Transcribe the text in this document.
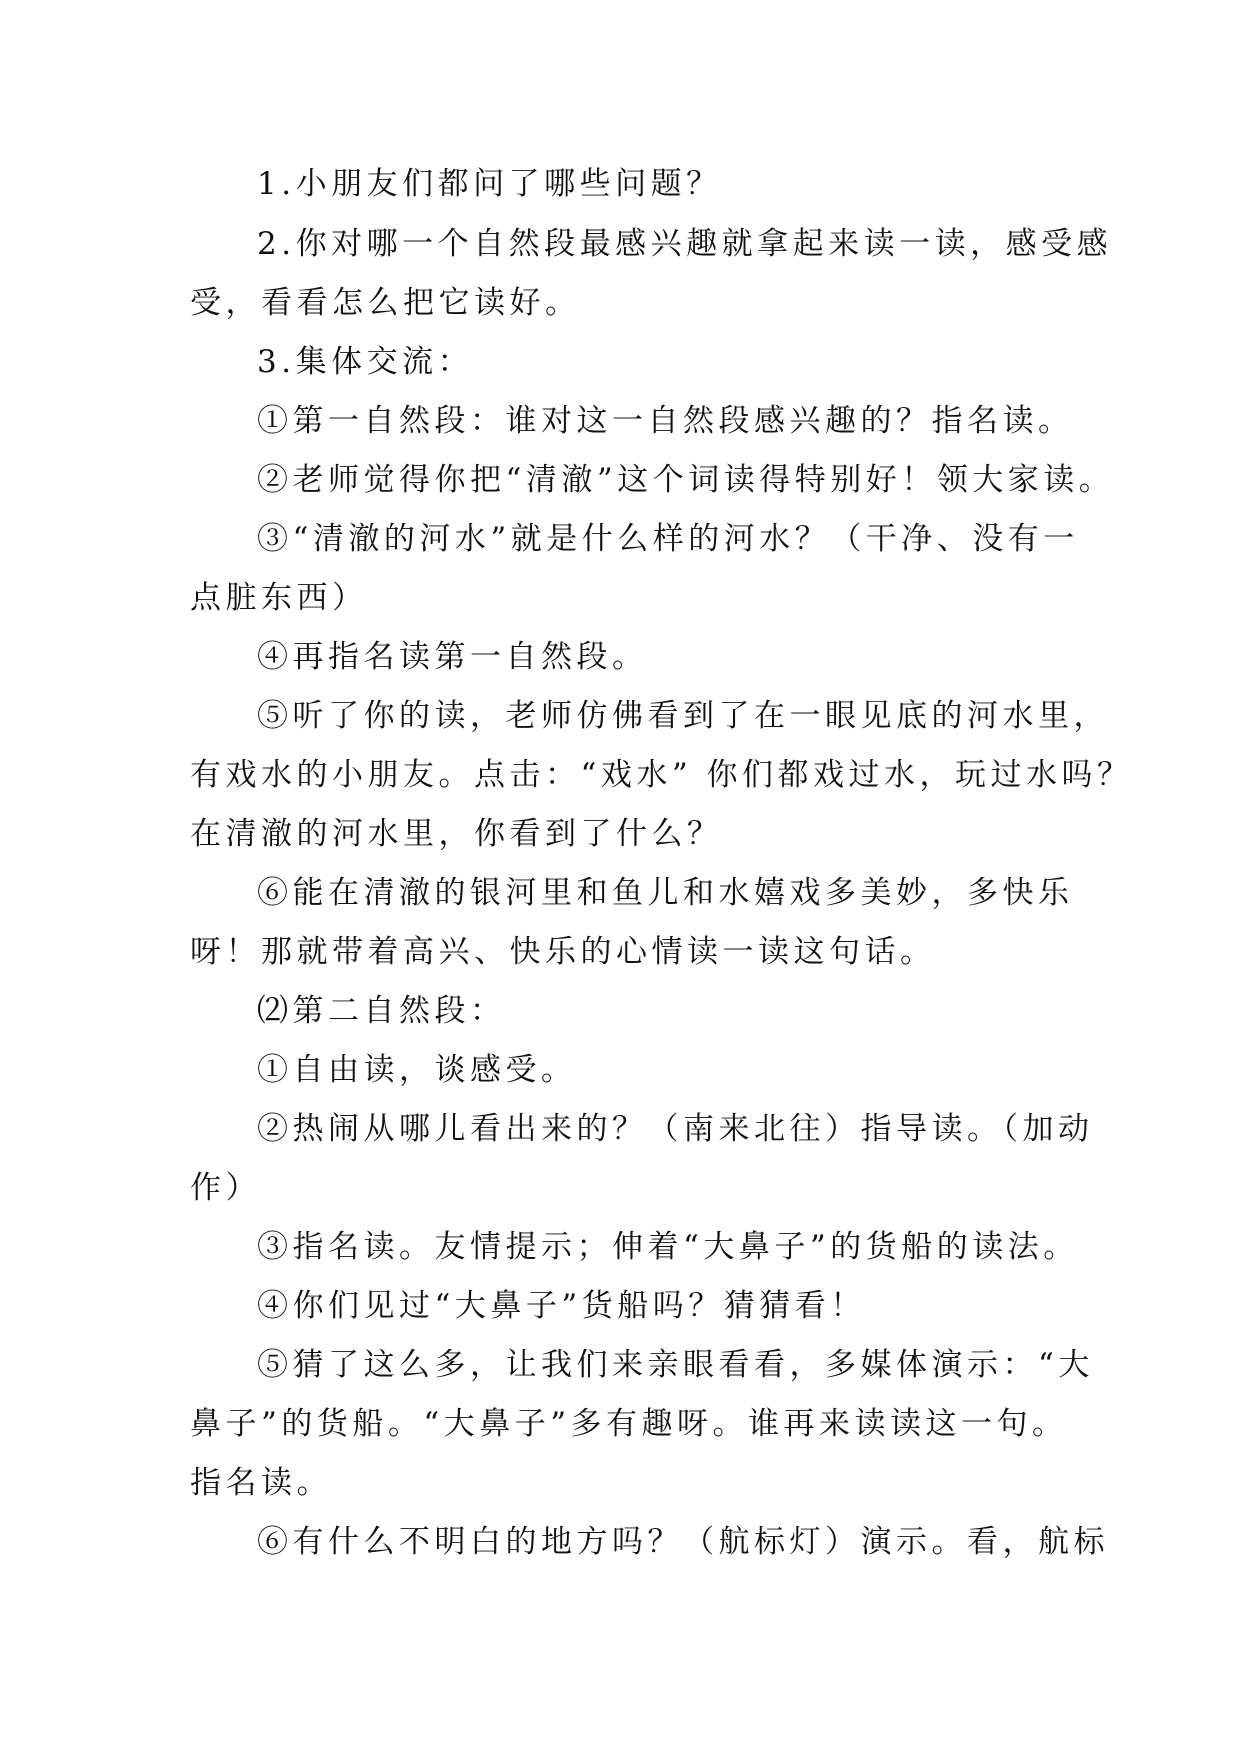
1.小朋友们都问了哪些问题？
2.你对哪一个自然段最感兴趣就拿起来读一读，感受感
受，看看怎么把它读好。
3.集体交流：
①第一自然段：谁对这一自然段感兴趣的？指名读。
②老师觉得你把“清澈”这个词读得特别好！领大家读。
③“清澈的河水”就是什么样的河水？（干净、没有一
点脏东西）
④再指名读第一自然段。
⑤听了你的读，老师仿佛看到了在一眼见底的河水里，
有戏水的小朋友。点击：“戏水” 你们都戏过水，玩过水吗？
在清澈的河水里，你看到了什么？
⑥能在清澈的银河里和鱼儿和水嬉戏多美妙，多快乐
呀！那就带着高兴、快乐的心情读一读这句话。
⑵第二自然段：
①自由读，谈感受。
②热闹从哪儿看出来的？（南来北往）指导读。（加动
作）
③指名读。友情提示；伸着“大鼻子”的货船的读法。
④你们见过“大鼻子”货船吗？猜猜看！
⑤猜了这么多，让我们来亲眼看看，多媒体演示：“大
鼻子”的货船。“大鼻子”多有趣呀。谁再来读读这一句。
指名读。
⑥有什么不明白的地方吗？（航标灯）演示。看，航标
